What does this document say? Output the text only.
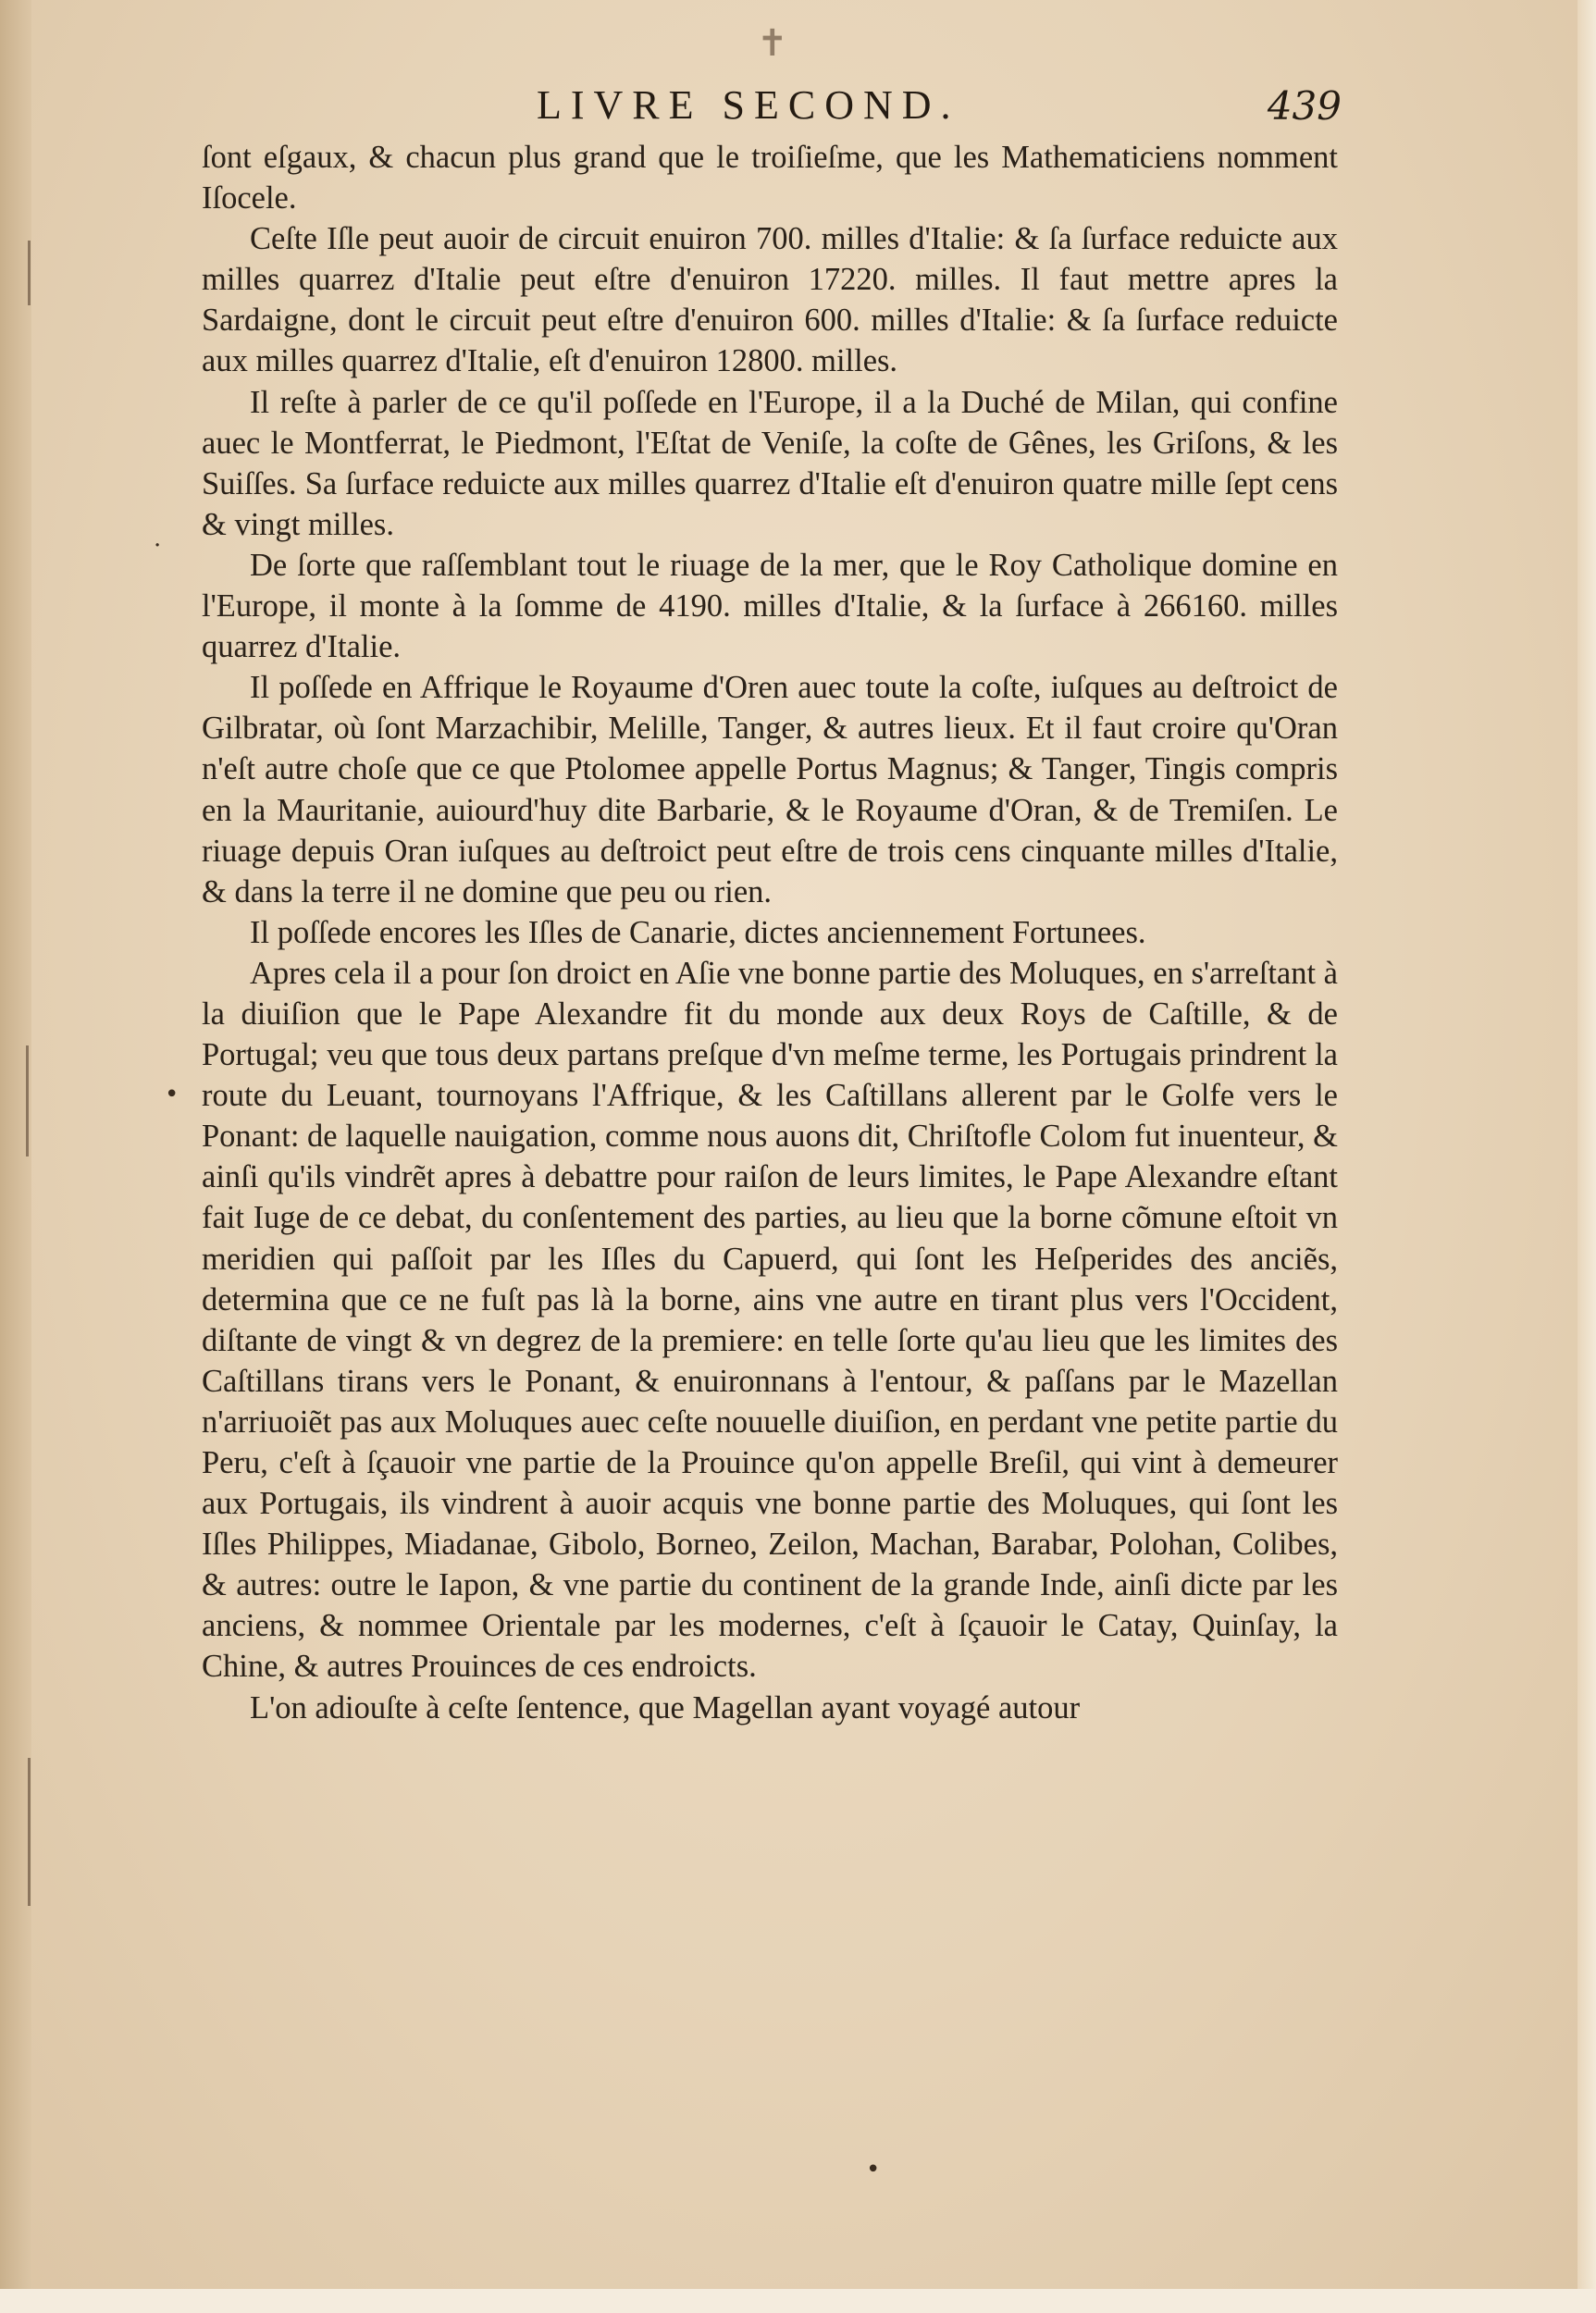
✝
LIVRE SECOND.	439
•
·
•

ſont eſgaux, & chacun plus grand que le troiſieſme, que les Mathematiciens nomment Iſocele.

Ceſte Iſle peut auoir de circuit enuiron 700. milles d'Italie: & ſa ſurface reduicte aux milles quarrez d'Italie peut eſtre d'enuiron 17220. milles. Il faut mettre apres la Sardaigne, dont le circuit peut eſtre d'enuiron 600. milles d'Italie: & ſa ſurface reduicte aux milles quarrez d'Italie, eſt d'enuiron 12800. milles.

Il reſte à parler de ce qu'il poſſede en l'Europe, il a la Duché de Milan, qui confine auec le Montferrat, le Piedmont, l'Eſtat de Veniſe, la coſte de Gênes, les Griſons, & les Suiſſes. Sa ſurface reduicte aux milles quarrez d'Italie eſt d'enuiron quatre mille ſept cens & vingt milles.

De ſorte que raſſemblant tout le riuage de la mer, que le Roy Catholique domine en l'Europe, il monte à la ſomme de 4190. milles d'Italie, & la ſurface à 266160. milles quarrez d'Italie.

Il poſſede en Affrique le Royaume d'Oren auec toute la coſte, iuſques au deſtroict de Gilbratar, où ſont Marzachibir, Melille, Tanger, & autres lieux. Et il faut croire qu'Oran n'eſt autre choſe que ce que Ptolomee appelle Portus Magnus; & Tanger, Tingis compris en la Mauritanie, auiourd'huy dite Barbarie, & le Royaume d'Oran, & de Tremiſen. Le riuage depuis Oran iuſques au deſtroict peut eſtre de trois cens cinquante milles d'Italie, & dans la terre il ne domine que peu ou rien.

Il poſſede encores les Iſles de Canarie, dictes anciennement Fortunees.

Apres cela il a pour ſon droict en Aſie vne bonne partie des Moluques, en s'arreſtant à la diuiſion que le Pape Alexandre fit du monde aux deux Roys de Caſtille, & de Portugal; veu que tous deux partans preſque d'vn meſme terme, les Portugais prindrent la route du Leuant, tournoyans l'Affrique, & les Caſtillans allerent par le Golfe vers le Ponant: de laquelle nauigation, comme nous auons dit, Chriſtofle Colom fut inuenteur, & ainſi qu'ils vindrẽt apres à debattre pour raiſon de leurs limites, le Pape Alexandre eſtant fait Iuge de ce debat, du conſentement des parties, au lieu que la borne cõmune eſtoit vn meridien qui paſſoit par les Iſles du Capuerd, qui ſont les Heſperides des anciẽs, determina que ce ne fuſt pas là la borne, ains vne autre en tirant plus vers l'Occident, diſtante de vingt & vn degrez de la premiere: en telle ſorte qu'au lieu que les limites des Caſtillans tirans vers le Ponant, & enuironnans à l'entour, & paſſans par le Mazellan n'arriuoiẽt pas aux Moluques auec ceſte nouuelle diuiſion, en perdant vne petite partie du Peru, c'eſt à ſçauoir vne partie de la Prouince qu'on appelle Breſil, qui vint à demeurer aux Portugais, ils vindrent à auoir acquis vne bonne partie des Moluques, qui ſont les Iſles Philippes, Miadanae, Gibolo, Borneo, Zeilon, Machan, Barabar, Polohan, Colibes, & autres: outre le Iapon, & vne partie du continent de la grande Inde, ainſi dicte par les anciens, & nommee Orientale par les modernes, c'eſt à ſçauoir le Catay, Quinſay, la Chine, & autres Prouinces de ces endroicts.

L'on adiouſte à ceſte ſentence, que Magellan ayant voyagé autour
